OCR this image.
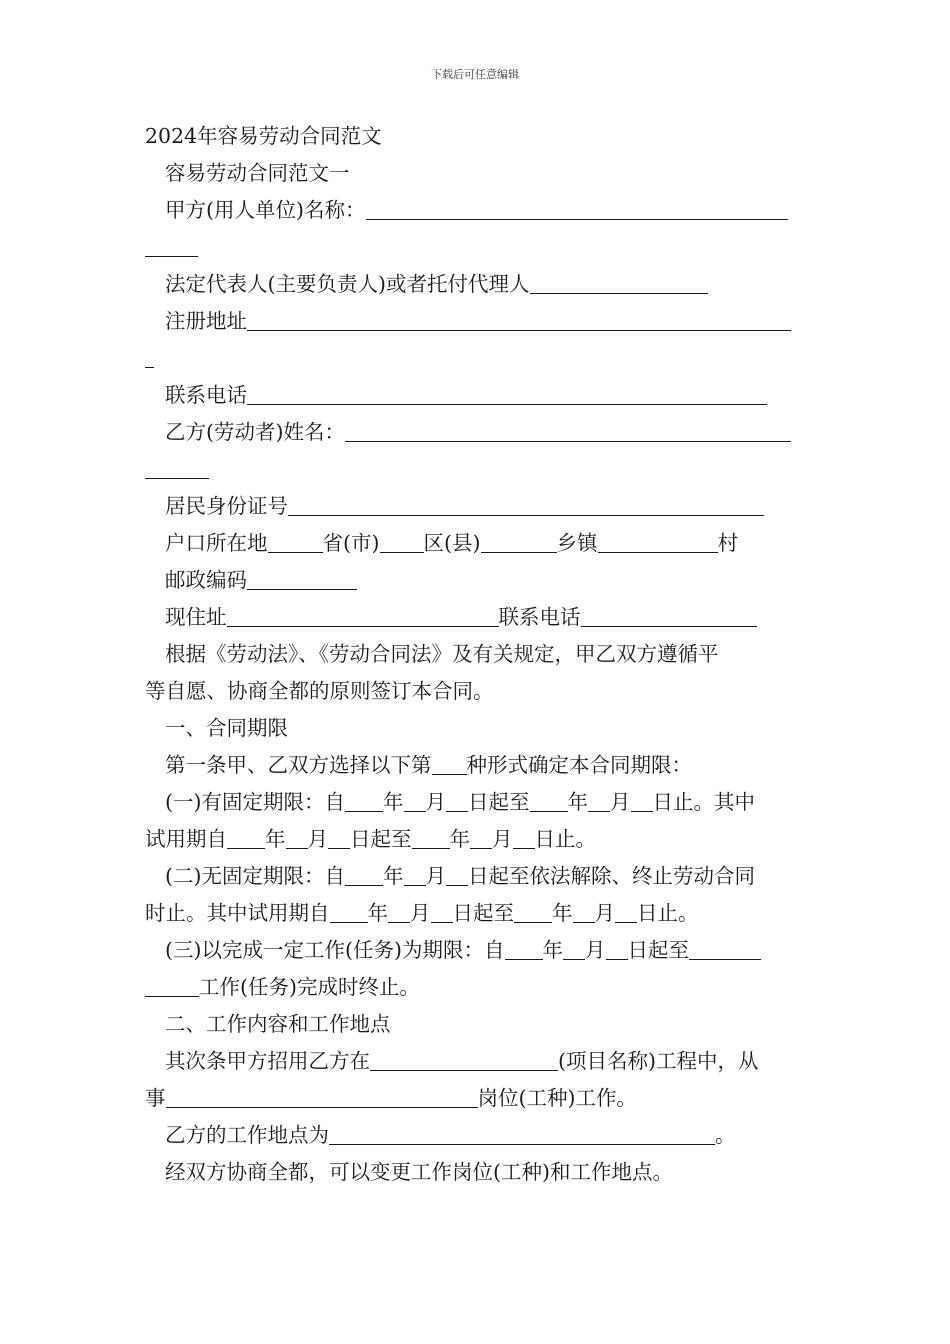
下载后可任意编辑
2024年容易劳动合同范文
容易劳动合同范文一
甲方(用人单位)名称：
法定代表人(主要负责人)或者托付代理人
注册地址
联系电话
乙方(劳动者)姓名：
居民身份证号
户口所在地	省(市) 区(县)	乡镇	村
邮政编码
现住址	联系电话
根据《劳动法》、《劳动合同法》及有关规定，甲乙双方遵循平
等自愿、协商全都的原则签订本合同。
一、合同期限
第一条甲、乙双方选择以下第 种形式确定本合同期限：
(一)有固定期限：自 年 月 日起至 年 月 日止。其中
试用期自 年 月 日起至 年 月 日止。
(二)无固定期限：自 年 月 日起至依法解除、终止劳动合同
时止。其中试用期自 年 月 日起至 年 月 日止。
(三)以完成一定工作(任务)为期限：自 年 月 日起至
工作(任务)完成时终止。
二、工作内容和工作地点
其次条甲方招用乙方在	(项目名称)工程中，从
事	岗位(工种)工作。
乙方的工作地点为	。
经双方协商全都，可以变更工作岗位(工种)和工作地点。
